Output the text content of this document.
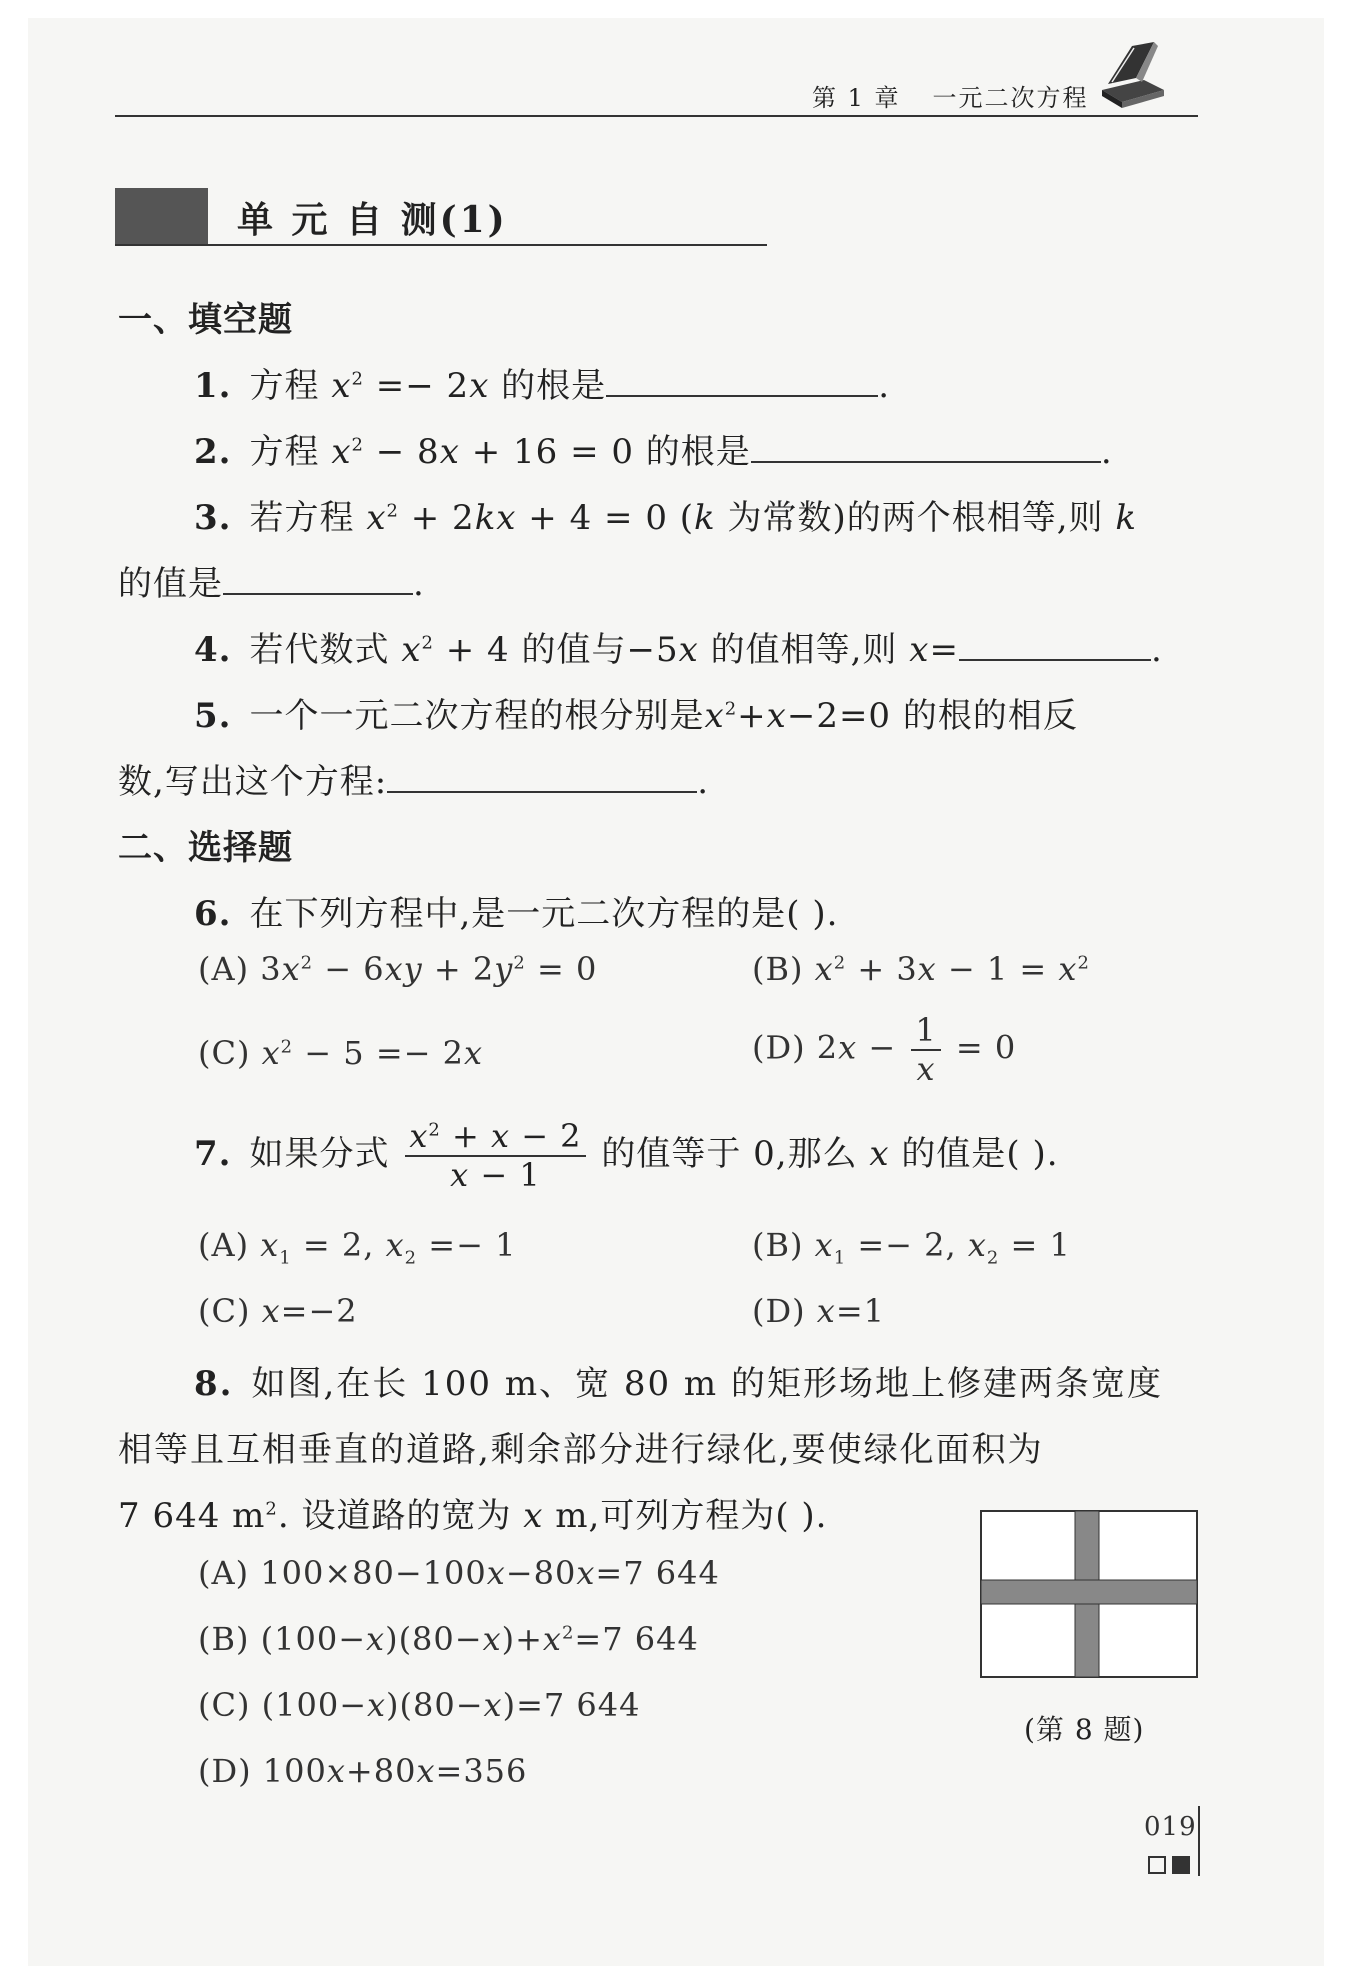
第 1 章 一元二次方程
单 元 自 测(1)
一、填空题
1. 方程 $x^2 =- 2x$ 的根是	.
2. 方程 $x^2 - 8x + 16 = 0$ 的根是	.
3. 若方程 $x^2 + 2kx + 4 = 0$ (k 为常数)的两个根相等,则 k
的值是	.
4. 若代数式 $x^2 + 4$ 的值与−5x 的值相等,则 x=	.
5. 一个一元二次方程的根分别是$x^2+x-2=0$ 的根的相反
数,写出这个方程:	.
二、选择题
6. 在下列方程中,是一元二次方程的是( ).
(A) $3x^2 - 6xy + 2y^2 = 0$	(B) $x^2 + 3x - 1 = x^2$
(C) $x^2 - 5 =- 2x$	(D) $2x - \frac{1}{x} = 0$
7. 如果分式 $\frac{x^2 + x - 2}{x - 1}$ 的值等于 0,那么 x 的值是( ).
(A) $x_1 = 2$, $x_2 =- 1$	(B) $x_1 =- 2$, $x_2 = 1$
(C) x=−2	(D) x=1
8. 如图,在长 100 m、宽 80 m 的矩形场地上修建两条宽度
相等且互相垂直的道路,剩余部分进行绿化,要使绿化面积为
7 644 $m^2$. 设道路的宽为 x m,可列方程为( ).
(A) 100×80−100x−80x=7 644
(B) $(100-x)(80-x)+x^2=7$ 644
(C) (100−x)(80−x)=7 644
(D) 100x+80x=356
(第 8 题)
019
